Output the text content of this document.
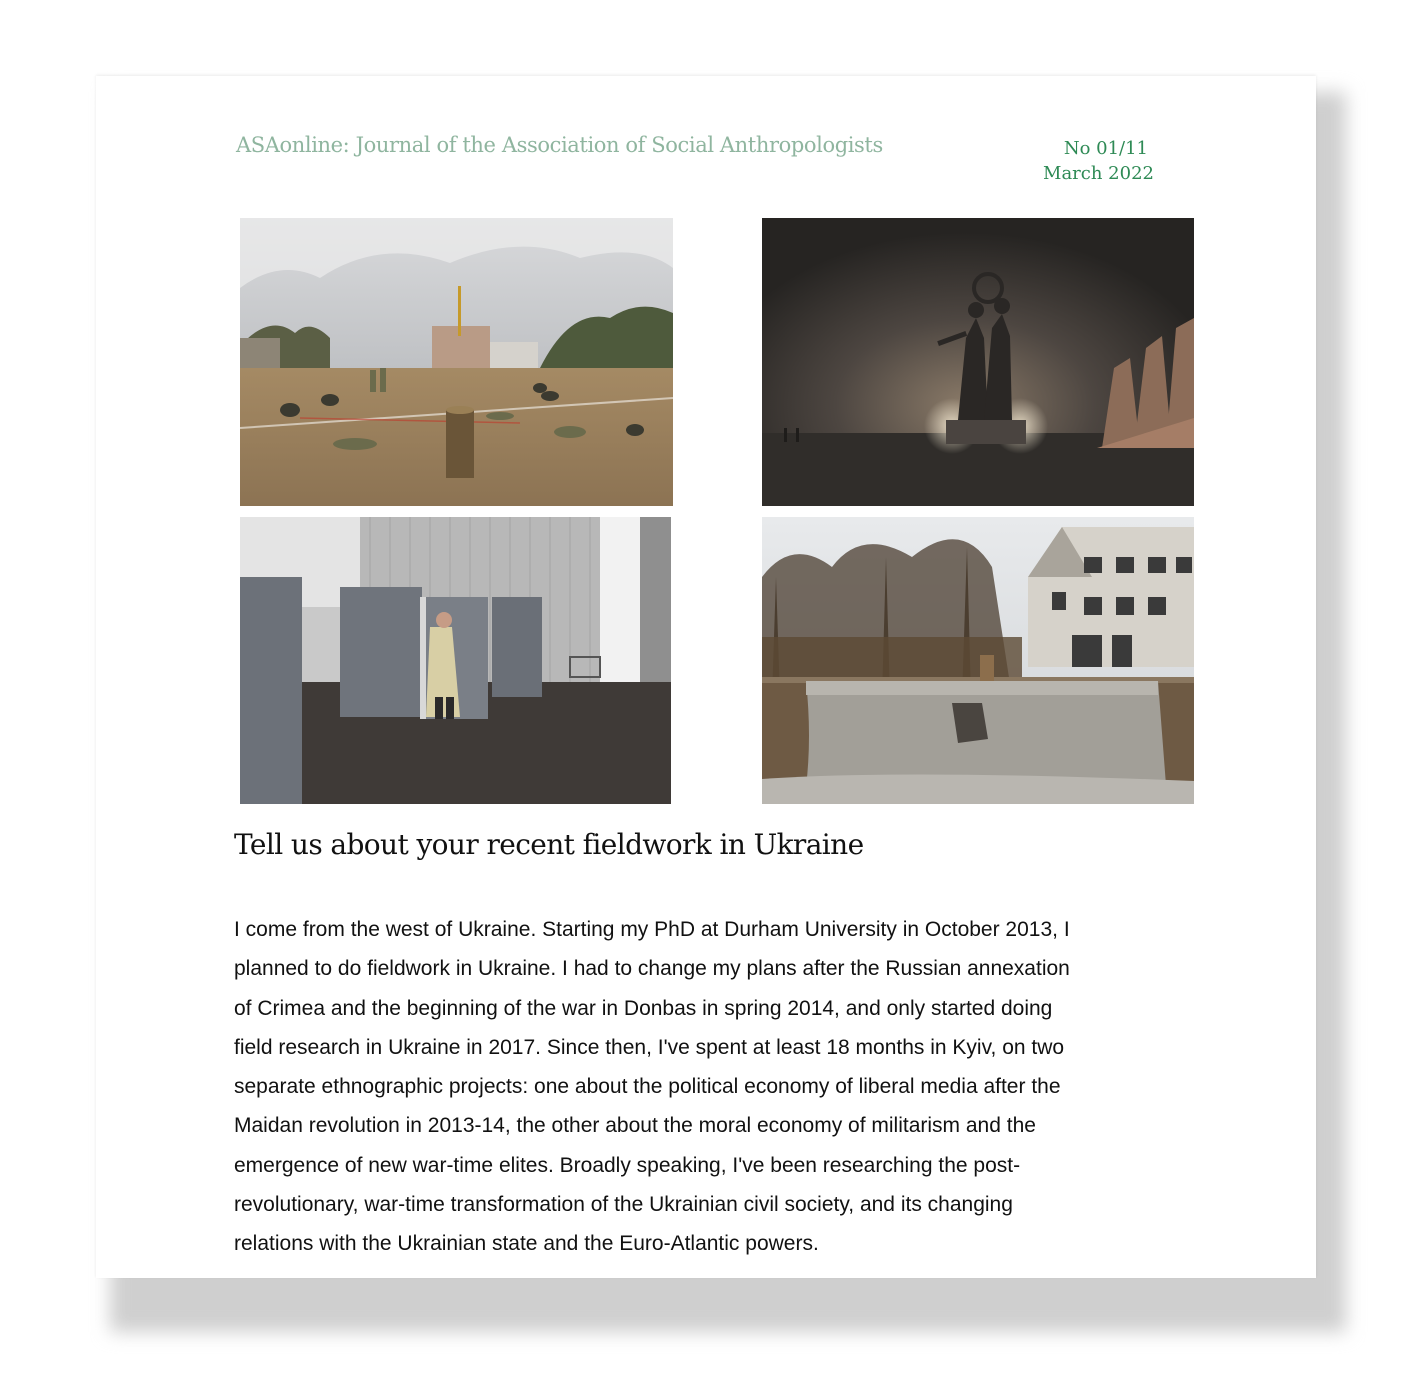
ASAonline: Journal of the Association of Social Anthropologists	No 01/11
March 2022
Tell us about your recent fieldwork in Ukraine
I come from the west of Ukraine. Starting my PhD at Durham University in October 2013, I
planned to do fieldwork in Ukraine. I had to change my plans after the Russian annexation
of Crimea and the beginning of the war in Donbas in spring 2014, and only started doing
field research in Ukraine in 2017. Since then, I've spent at least 18 months in Kyiv, on two
separate ethnographic projects: one about the political economy of liberal media after the
Maidan revolution in 2013-14, the other about the moral economy of militarism and the
emergence of new war-time elites. Broadly speaking, I've been researching the post-
revolutionary, war-time transformation of the Ukrainian civil society, and its changing
relations with the Ukrainian state and the Euro-Atlantic powers.
